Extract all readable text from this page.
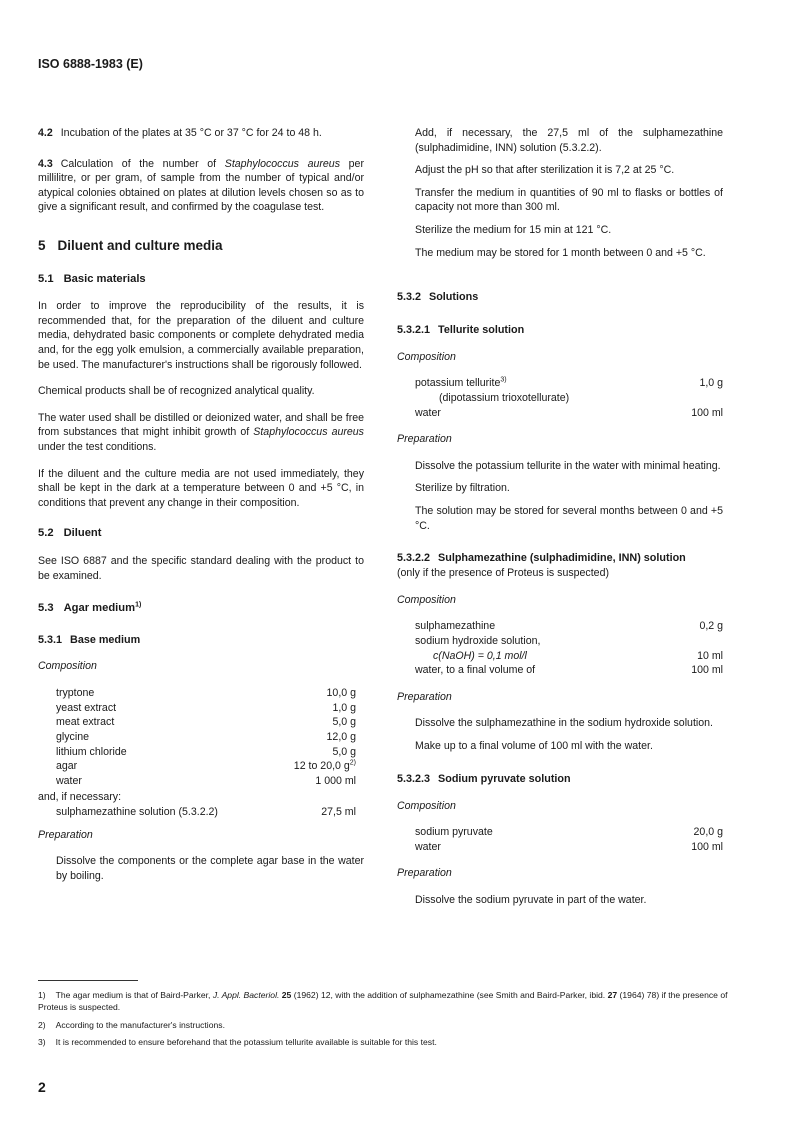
ISO 6888-1983 (E)

4.2 Incubation of the plates at 35 °C or 37 °C for 24 to 48 h.

4.3 Calculation of the number of Staphylococcus aureus per millilitre, or per gram, of sample from the number of typical and/or atypical colonies obtained on plates at dilution levels chosen so as to give a significant result, and confirmed by the coagulase test.

5 Diluent and culture media
5.1 Basic materials

In order to improve the reproducibility of the results, it is recommended that, for the preparation of the diluent and culture media, dehydrated basic components or complete dehydrated media and, for the egg yolk emulsion, a commercially available preparation, be used. The manufacturer's instructions shall be rigorously followed.

Chemical products shall be of recognized analytical quality.

The water used shall be distilled or deionized water, and shall be free from substances that might inhibit growth of Staphylococcus aureus under the test conditions.

If the diluent and the culture media are not used immediately, they shall be kept in the dark at a temperature between 0 and +5 °C, in conditions that prevent any change in their composition.

5.2 Diluent

See ISO 6887 and the specific standard dealing with the product to be examined.

5.3 Agar medium$^{1)}$
5.3.1 Base medium
Composition
tryptone	10,0 g
yeast extract	1,0 g
meat extract	5,0 g
glycine	12,0 g
lithium chloride	5,0 g
agar	12 to 20,0 $g^{2)}$
water	1 000 ml
and, if necessary:
sulphamezathine solution (5.3.2.2)	27,5 ml
Preparation

Dissolve the components or the complete agar base in the water by boiling.

Add, if necessary, the 27,5 ml of the sulphamezathine (sulphadimidine, INN) solution (5.3.2.2).

Adjust the pH so that after sterilization it is 7,2 at 25 °C.

Transfer the medium in quantities of 90 ml to flasks or bottles of capacity not more than 300 ml.

Sterilize the medium for 15 min at 121 °C.

The medium may be stored for 1 month between 0 and +5 °C.

5.3.2 Solutions
5.3.2.1 Tellurite solution
Composition
potassium tellurite$^{3)}$	1,0 g
(dipotassium trioxotellurate)
water	100 ml
Preparation

Dissolve the potassium tellurite in the water with minimal heating.

Sterilize by filtration.

The solution may be stored for several months between 0 and +5 °C.

5.3.2.2 Sulphamezathine (sulphadimidine, INN) solution
(only if the presence of Proteus is suspected)
Composition
sulphamezathine	0,2 g
sodium hydroxide solution,
c(NaOH) = 0,1 mol/l	10 ml
water, to a final volume of	100 ml
Preparation

Dissolve the sulphamezathine in the sodium hydroxide solution.

Make up to a final volume of 100 ml with the water.

5.3.2.3 Sodium pyruvate solution
Composition
sodium pyruvate	20,0 g
water	100 ml
Preparation

Dissolve the sodium pyruvate in part of the water.

1) The agar medium is that of Baird-Parker, J. Appl. Bacteriol. 25 (1962) 12, with the addition of sulphamezathine (see Smith and Baird-Parker, ibid. 27 (1964) 78) if the presence of Proteus is suspected.
2) According to the manufacturer's instructions.
3) It is recommended to ensure beforehand that the potassium tellurite available is suitable for this test.
2
